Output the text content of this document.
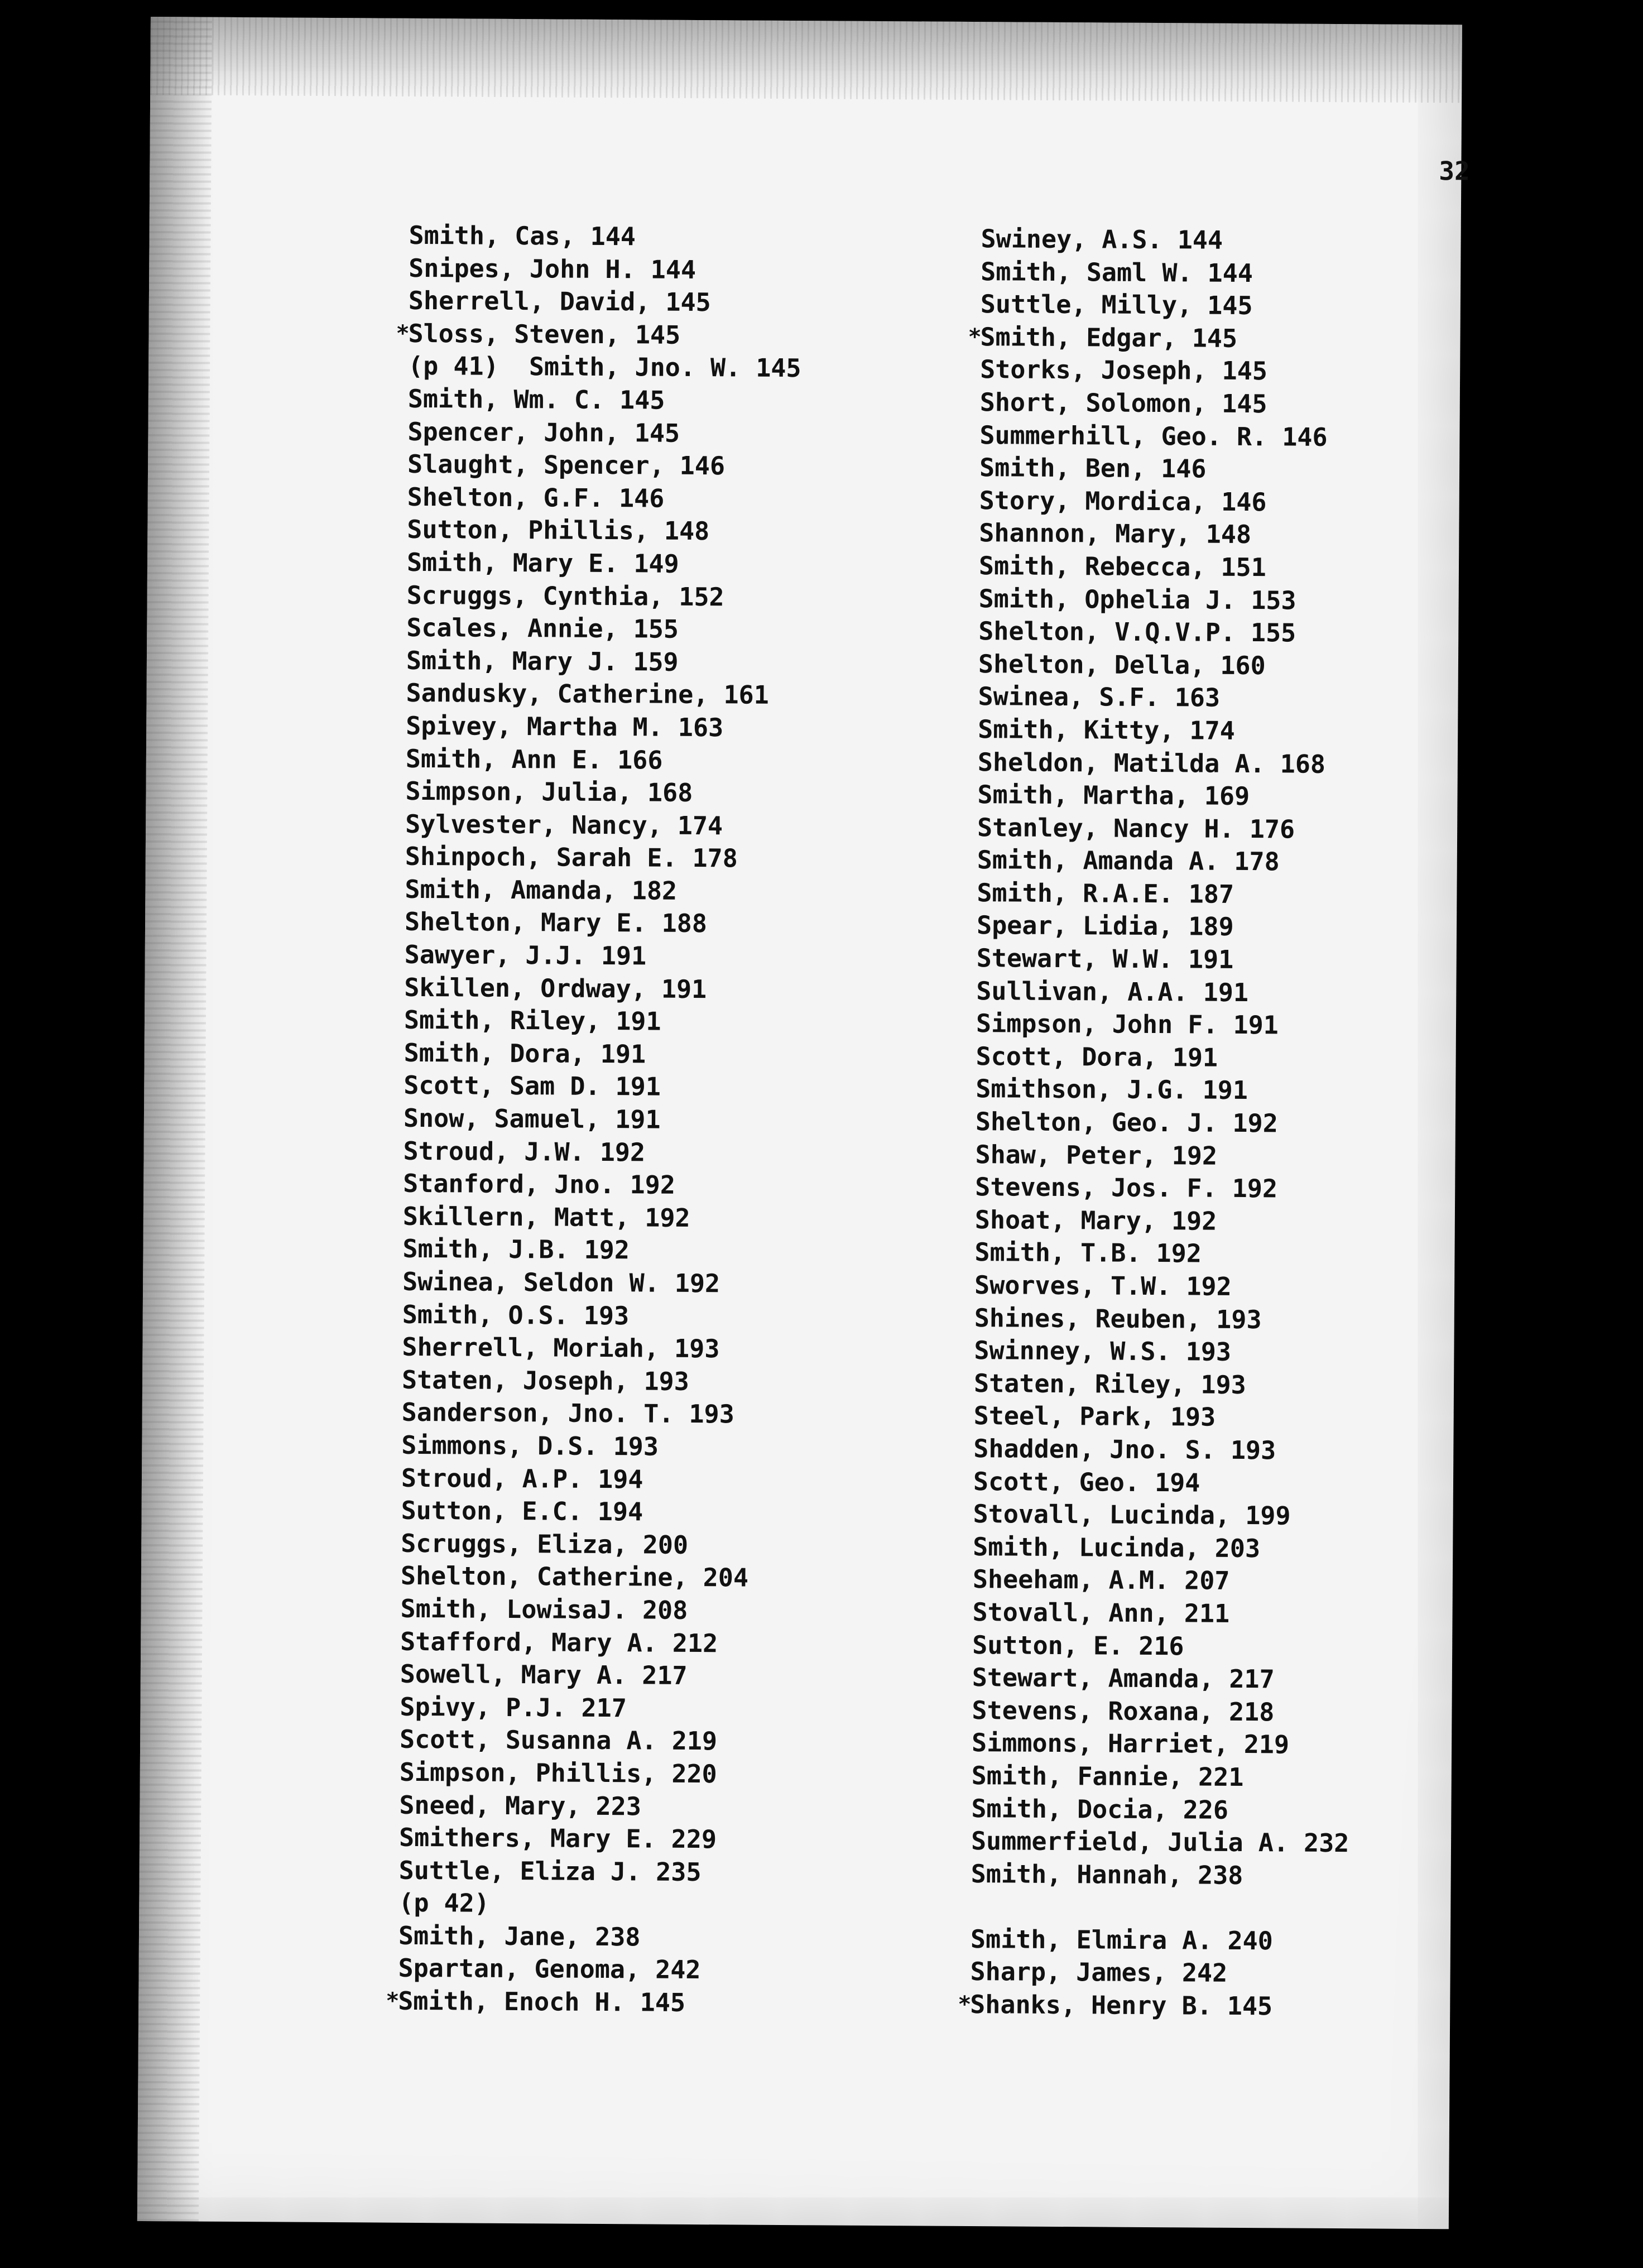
32
Smith, Cas, 144
Snipes, John H. 144
Sherrell, David, 145
*
Sloss, Steven, 145
(p 41)  Smith, Jno. W. 145
Smith, Wm. C. 145
Spencer, John, 145
Slaught, Spencer, 146
Shelton, G.F. 146
Sutton, Phillis, 148
Smith, Mary E. 149
Scruggs, Cynthia, 152
Scales, Annie, 155
Smith, Mary J. 159
Sandusky, Catherine, 161
Spivey, Martha M. 163
Smith, Ann E. 166
Simpson, Julia, 168
Sylvester, Nancy, 174
Shinpoch, Sarah E. 178
Smith, Amanda, 182
Shelton, Mary E. 188
Sawyer, J.J. 191
Skillen, Ordway, 191
Smith, Riley, 191
Smith, Dora, 191
Scott, Sam D. 191
Snow, Samuel, 191
Stroud, J.W. 192
Stanford, Jno. 192
Skillern, Matt, 192
Smith, J.B. 192
Swinea, Seldon W. 192
Smith, O.S. 193
Sherrell, Moriah, 193
Staten, Joseph, 193
Sanderson, Jno. T. 193
Simmons, D.S. 193
Stroud, A.P. 194
Sutton, E.C. 194
Scruggs, Eliza, 200
Shelton, Catherine, 204
Smith, LowisaJ. 208
Stafford, Mary A. 212
Sowell, Mary A. 217
Spivy, P.J. 217
Scott, Susanna A. 219
Simpson, Phillis, 220
Sneed, Mary, 223
Smithers, Mary E. 229
Suttle, Eliza J. 235
(p 42)
Smith, Jane, 238
Spartan, Genoma, 242
*
Smith, Enoch H. 145
Swiney, A.S. 144
Smith, Saml W. 144
Suttle, Milly, 145
*
Smith, Edgar, 145
Storks, Joseph, 145
Short, Solomon, 145
Summerhill, Geo. R. 146
Smith, Ben, 146
Story, Mordica, 146
Shannon, Mary, 148
Smith, Rebecca, 151
Smith, Ophelia J. 153
Shelton, V.Q.V.P. 155
Shelton, Della, 160
Swinea, S.F. 163
Smith, Kitty, 174
Sheldon, Matilda A. 168
Smith, Martha, 169
Stanley, Nancy H. 176
Smith, Amanda A. 178
Smith, R.A.E. 187
Spear, Lidia, 189
Stewart, W.W. 191
Sullivan, A.A. 191
Simpson, John F. 191
Scott, Dora, 191
Smithson, J.G. 191
Shelton, Geo. J. 192
Shaw, Peter, 192
Stevens, Jos. F. 192
Shoat, Mary, 192
Smith, T.B. 192
Sworves, T.W. 192
Shines, Reuben, 193
Swinney, W.S. 193
Staten, Riley, 193
Steel, Park, 193
Shadden, Jno. S. 193
Scott, Geo. 194
Stovall, Lucinda, 199
Smith, Lucinda, 203
Sheeham, A.M. 207
Stovall, Ann, 211
Sutton, E. 216
Stewart, Amanda, 217
Stevens, Roxana, 218
Simmons, Harriet, 219
Smith, Fannie, 221
Smith, Docia, 226
Summerfield, Julia A. 232
Smith, Hannah, 238
Smith, Elmira A. 240
Sharp, James, 242
*
Shanks, Henry B. 145
